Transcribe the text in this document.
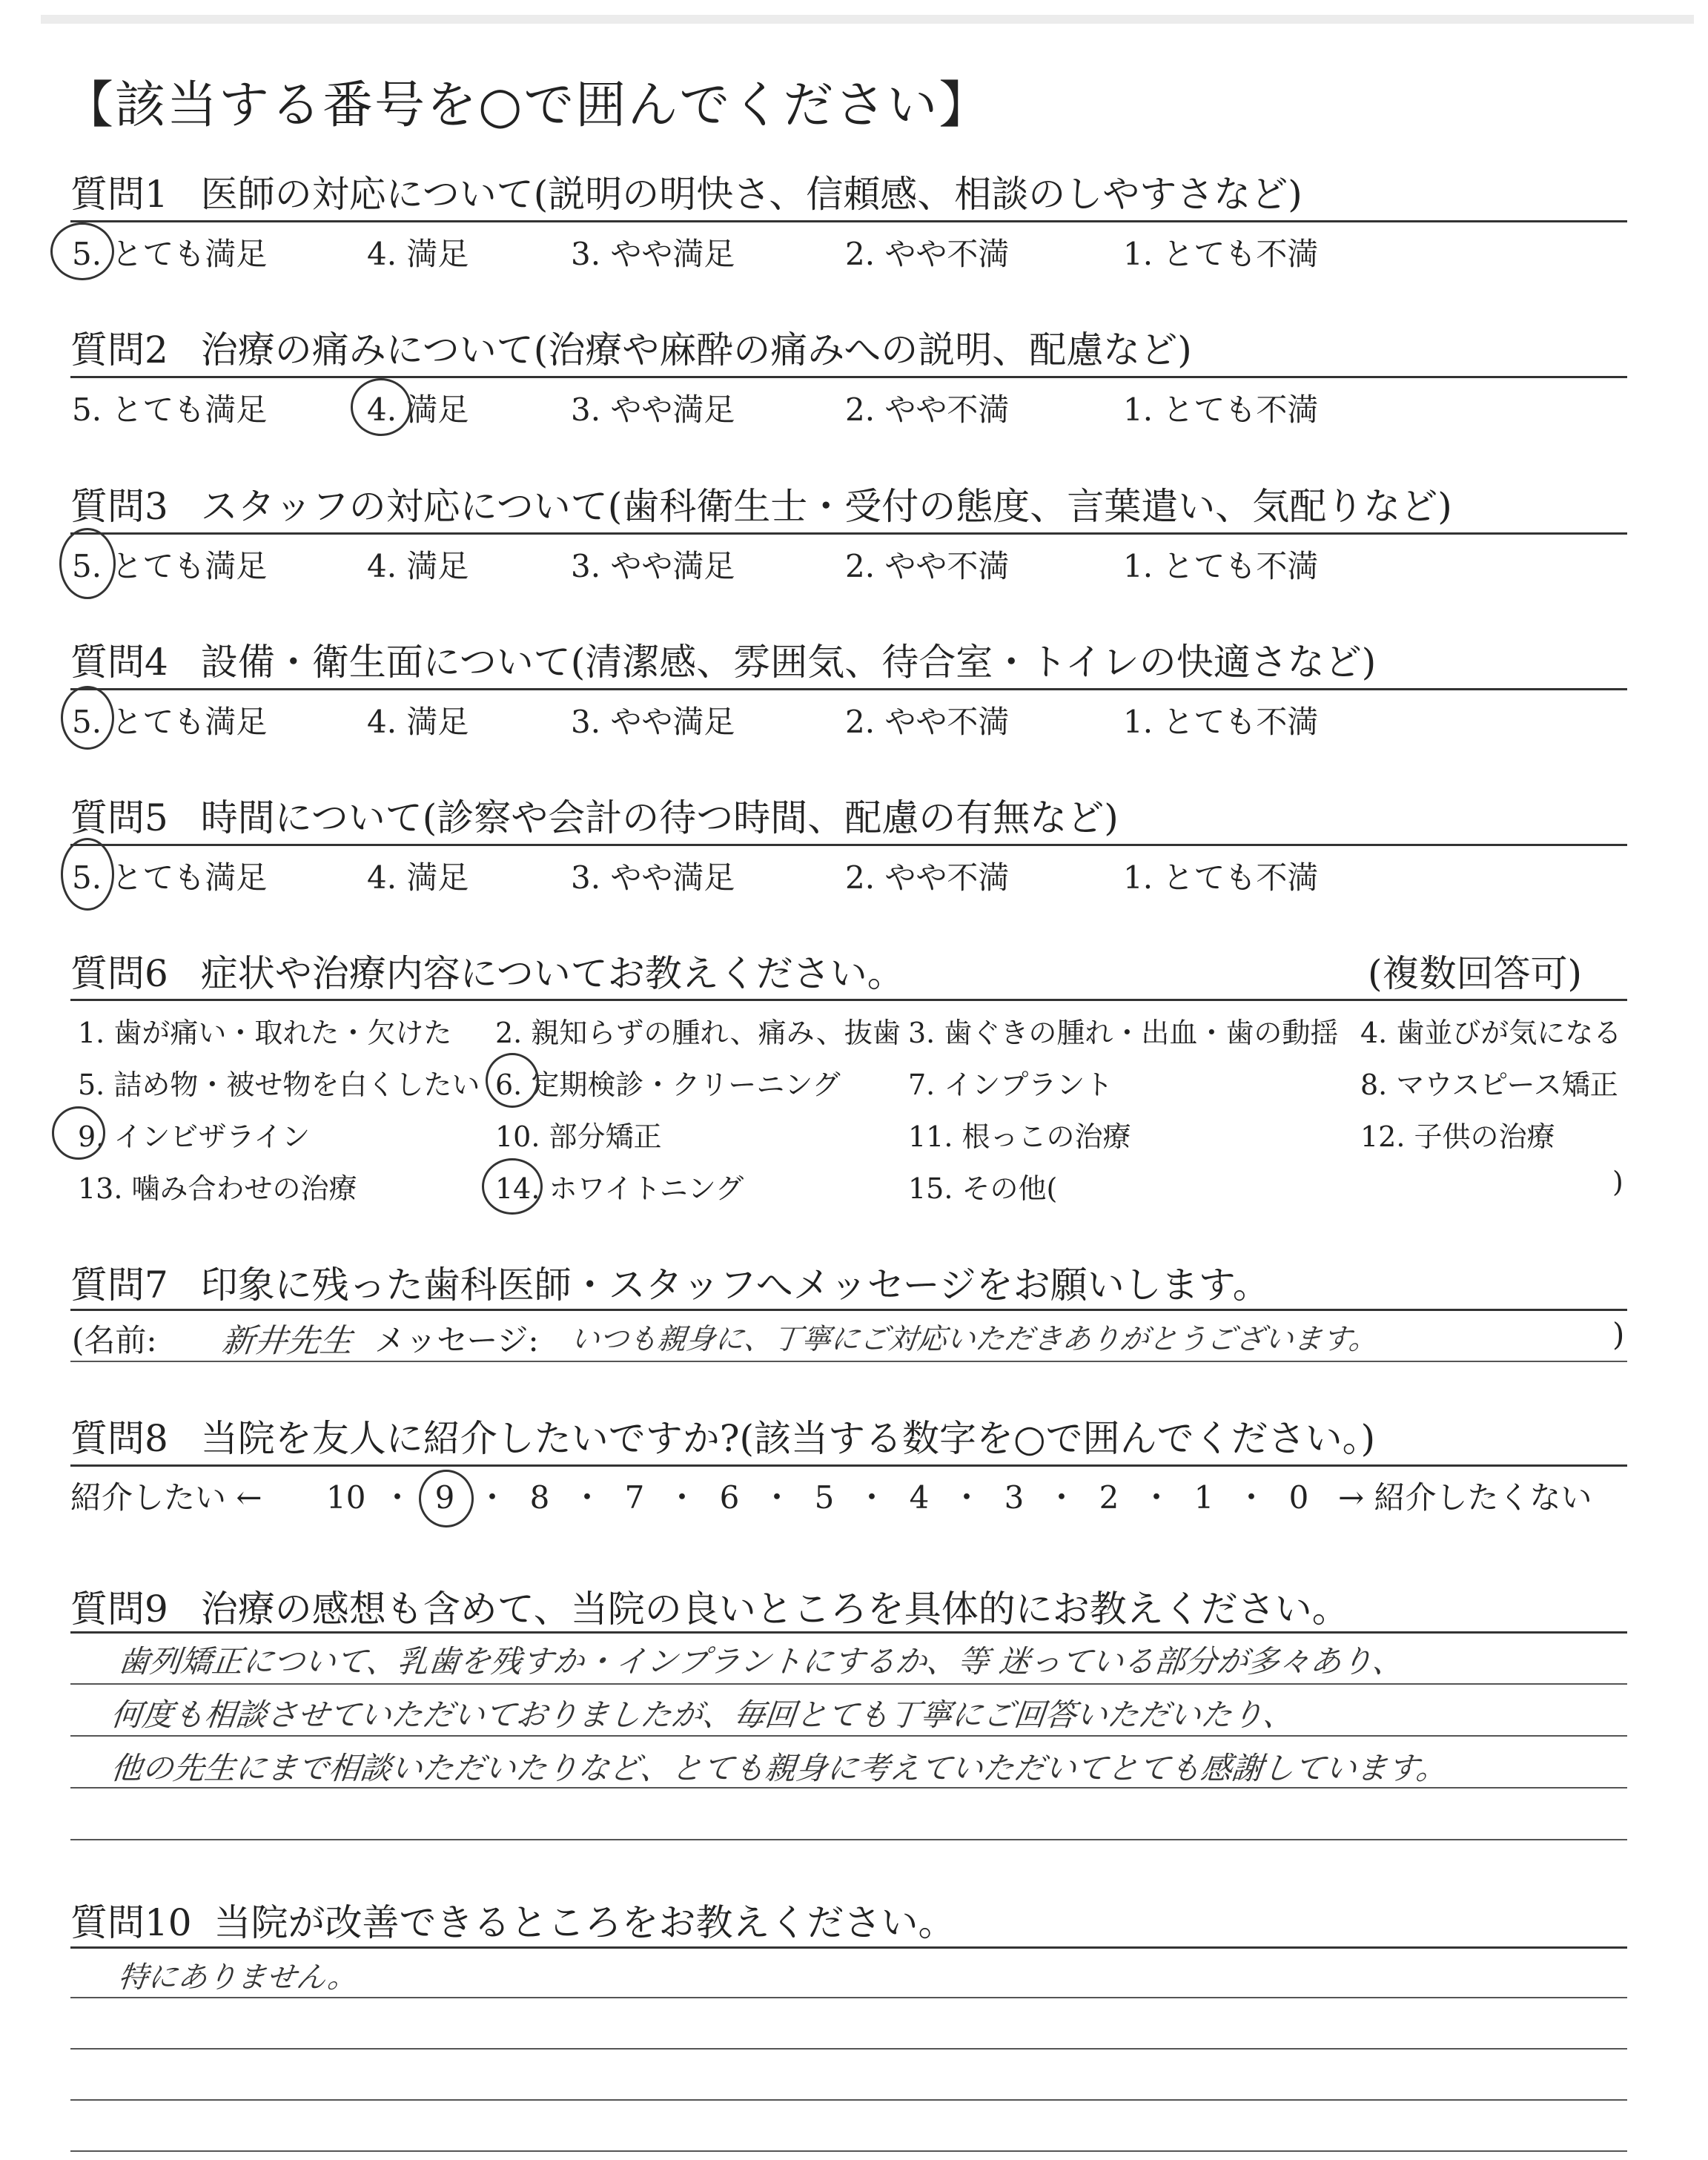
【該当する番号を○で囲んでください】
質問1 医師の対応について(説明の明快さ、信頼感、相談のしやすさなど)
5. とても満足	4. 満足	3. やや満足	2. やや不満	1. とても不満
質問2 治療の痛みについて(治療や麻酔の痛みへの説明、配慮など)
5. とても満足	4. 満足	3. やや満足	2. やや不満	1. とても不満
質問3 スタッフの対応について(歯科衛生士・受付の態度、言葉遣い、気配りなど)
5. とても満足	4. 満足	3. やや満足	2. やや不満	1. とても不満
質問4 設備・衛生面について(清潔感、雰囲気、待合室・トイレの快適さなど)
5. とても満足	4. 満足	3. やや満足	2. やや不満	1. とても不満
質問5 時間について(診察や会計の待つ時間、配慮の有無など)
5. とても満足	4. 満足	3. やや満足	2. やや不満	1. とても不満
質問6 症状や治療内容についてお教えください。	(複数回答可)
1. 歯が痛い・取れた・欠けた 2. 親知らずの腫れ、痛み、抜歯 3. 歯ぐきの腫れ・出血・歯の動揺 4. 歯並びが気になる
5. 詰め物・被せ物を白くしたい 6. 定期検診・クリーニング 7. インプラント	8. マウスピース矯正
9. インビザライン	10. 部分矯正	11. 根っこの治療	12. 子供の治療
13. 噛み合わせの治療	14. ホワイトニング	15. その他(	)
質問7 印象に残った歯科医師・スタッフへメッセージをお願いします。
(名前: 新井先生 メッセージ: いつも親身に、丁寧にご対応いただきありがとうございます。	)
質問8 当院を友人に紹介したいですか?(該当する数字を○で囲んでください。)
紹介したい ← 10 ・ 9 ・ 8 ・ 7 ・ 6 ・ 5 ・ 4 ・ 3 ・ 2 ・ 1 ・ 0 → 紹介したくない
質問9 治療の感想も含めて、当院の良いところを具体的にお教えください。
歯列矯正について、乳歯を残すか・インプラントにするか、等 迷っている部分が多々あり、
何度も相談させていただいておりましたが、毎回とても丁寧にご回答いただいたり、
他の先生にまで相談いただいたりなど、とても親身に考えていただいてとても感謝しています。
質問10 当院が改善できるところをお教えください。
特にありません。
